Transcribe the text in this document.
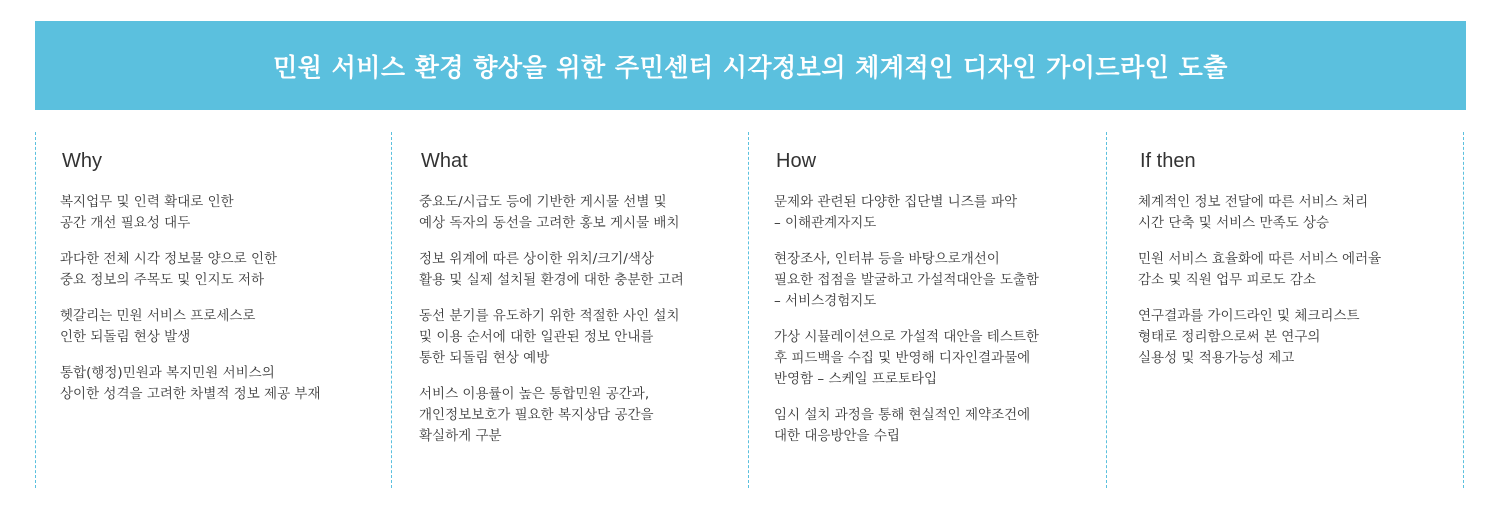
민원 서비스 환경 향상을 위한 주민센터 시각정보의 체계적인 디자인 가이드라인 도출
Why
복지업무 및 인력 확대로 인한
공간 개선 필요성 대두
과다한 전체 시각 정보물 양으로 인한
중요 정보의 주목도 및 인지도 저하
헷갈리는 민원 서비스 프로세스로
인한 되돌림 현상 발생
통합(행정)민원과 복지민원 서비스의
상이한 성격을 고려한 차별적 정보 제공 부재
What
중요도/시급도 등에 기반한 게시물 선별 및
예상 독자의 동선을 고려한 홍보 게시물 배치
정보 위계에 따른 상이한 위치/크기/색상
활용 및 실제 설치될 환경에 대한 충분한 고려
동선 분기를 유도하기 위한 적절한 사인 설치
및 이용 순서에 대한 일관된 정보 안내를
통한 되돌림 현상 예방
서비스 이용률이 높은 통합민원 공간과,
개인정보보호가 필요한 복지상담 공간을
확실하게 구분
How
문제와 관련된 다양한 집단별 니즈를 파악
– 이해관계자지도
현장조사, 인터뷰 등을 바탕으로개선이
필요한 접점을 발굴하고 가설적대안을 도출함
– 서비스경험지도
가상 시뮬레이션으로 가설적 대안을 테스트한
후 피드백을 수집 및 반영해 디자인결과물에
반영함 – 스케일 프로토타입
임시 설치 과정을 통해 현실적인 제약조건에
대한 대응방안을 수립
If then
체계적인 정보 전달에 따른 서비스 처리
시간 단축 및 서비스 만족도 상승
민원 서비스 효율화에 따른 서비스 에러율
감소 및 직원 업무 피로도 감소
연구결과를 가이드라인 및 체크리스트
형태로 정리함으로써 본 연구의
실용성 및 적용가능성 제고
